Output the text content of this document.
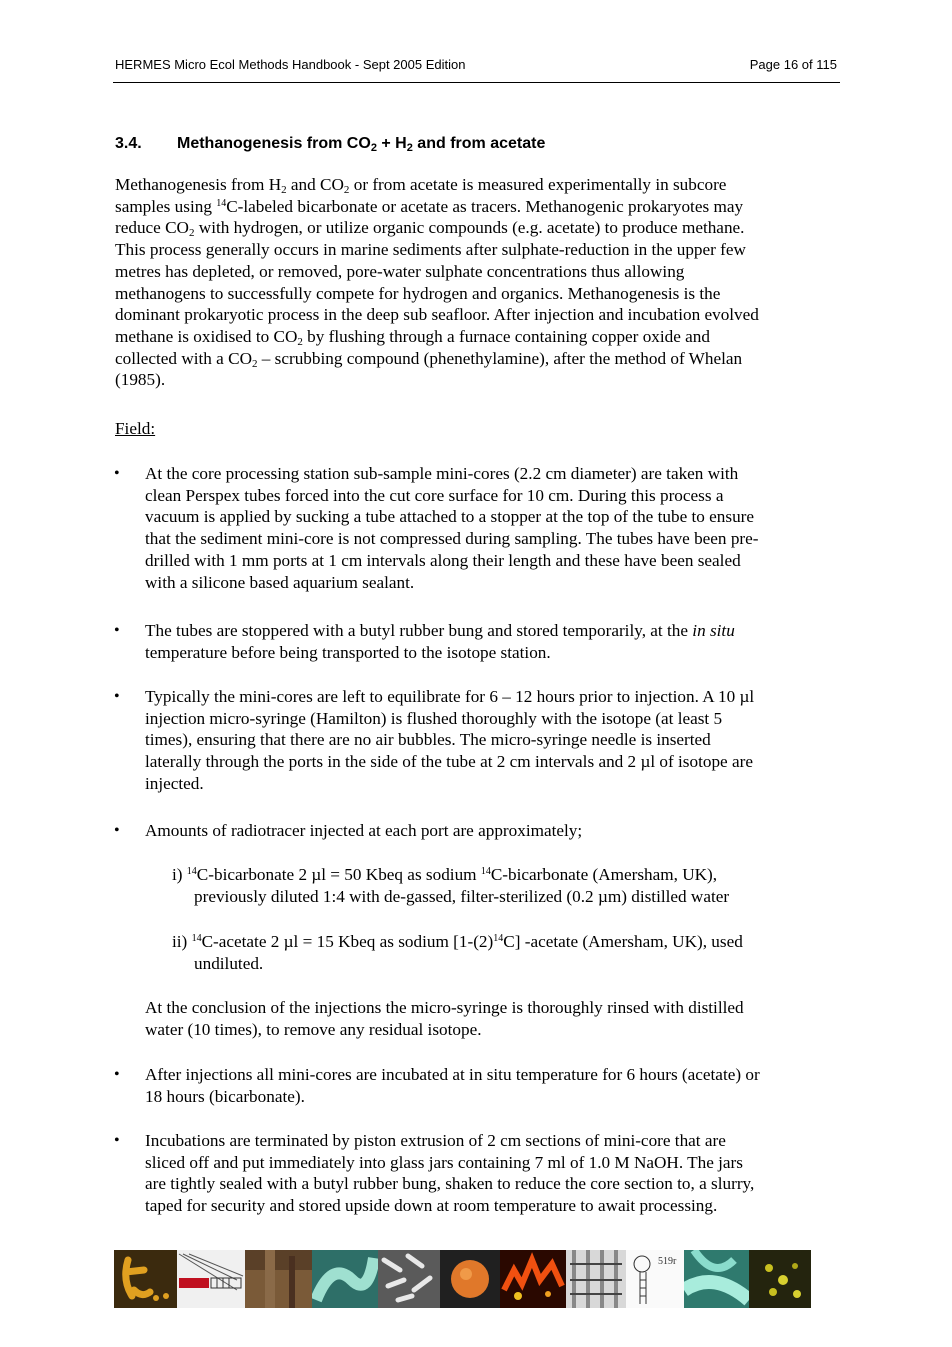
HERMES Micro Ecol Methods Handbook - Sept 2005 Edition	Page 16 of 115
3.4. Methanogenesis from $CO_2 + H_2$ and from acetate
Methanogenesis from $H_2$ and $CO_2$ or from acetate is measured experimentally in subcore
samples using $^{14}$C-labeled bicarbonate or acetate as tracers. Methanogenic prokaryotes may
reduce $CO_2$ with hydrogen, or utilize organic compounds (e.g. acetate) to produce methane.
This process generally occurs in marine sediments after sulphate-reduction in the upper few
metres has depleted, or removed, pore-water sulphate concentrations thus allowing
methanogens to successfully compete for hydrogen and organics. Methanogenesis is the
dominant prokaryotic process in the deep sub seafloor. After injection and incubation evolved
methane is oxidised to $CO_2$ by flushing through a furnace containing copper oxide and
collected with a $CO_2$ – scrubbing compound (phenethylamine), after the method of Whelan
(1985).
Field:
• At the core processing station sub-sample mini-cores (2.2 cm diameter) are taken with
clean Perspex tubes forced into the cut core surface for 10 cm. During this process a
vacuum is applied by sucking a tube attached to a stopper at the top of the tube to ensure
that the sediment mini-core is not compressed during sampling. The tubes have been pre-
drilled with 1 mm ports at 1 cm intervals along their length and these have been sealed
with a silicone based aquarium sealant.
• The tubes are stoppered with a butyl rubber bung and stored temporarily, at the in situ
temperature before being transported to the isotope station.
• Typically the mini-cores are left to equilibrate for 6 – 12 hours prior to injection. A 10 µl
injection micro-syringe (Hamilton) is flushed thoroughly with the isotope (at least 5
times), ensuring that there are no air bubbles. The micro-syringe needle is inserted
laterally through the ports in the side of the tube at 2 cm intervals and 2 µl of isotope are
injected.
• Amounts of radiotracer injected at each port are approximately;
i) $^{14}$C-bicarbonate 2 µl = 50 Kbeq as sodium $^{14}$C-bicarbonate (Amersham, UK),
previously diluted 1:4 with de-gassed, filter-sterilized (0.2 µm) distilled water
ii) $^{14}$C-acetate 2 µl = 15 Kbeq as sodium $[1-(2)^{14}C]$ -acetate (Amersham, UK), used
undiluted.
At the conclusion of the injections the micro-syringe is thoroughly rinsed with distilled
water (10 times), to remove any residual isotope.
• After injections all mini-cores are incubated at in situ temperature for 6 hours (acetate) or
18 hours (bicarbonate).
• Incubations are terminated by piston extrusion of 2 cm sections of mini-core that are
sliced off and put immediately into glass jars containing 7 ml of 1.0 M NaOH. The jars
are tightly sealed with a butyl rubber bung, shaken to reduce the core section to, a slurry,
taped for security and stored upside down at room temperature to await processing.
519r
